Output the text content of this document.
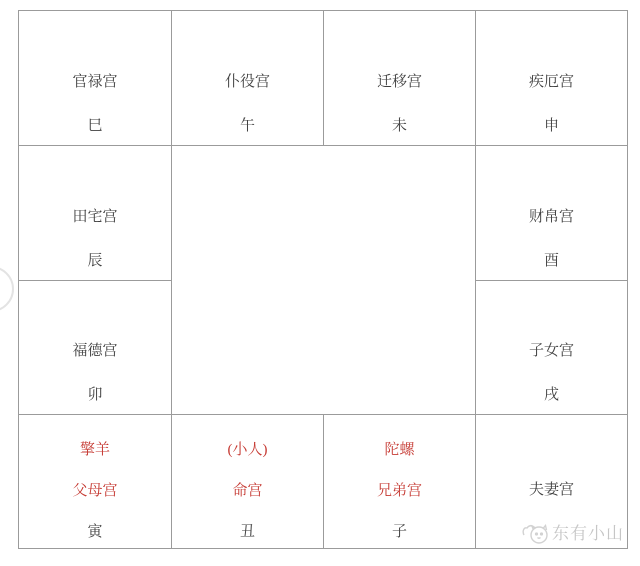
官禄宫
巳
仆役宫
午
迁移宫
未
疾厄宫
申
田宅宫
辰
财帛宫
酉
福德宫
卯
子女宫
戌
擎羊
父母宫
寅
(小人)
命宫
丑
陀螺
兄弟宫
子
夫妻宫
东有小山
